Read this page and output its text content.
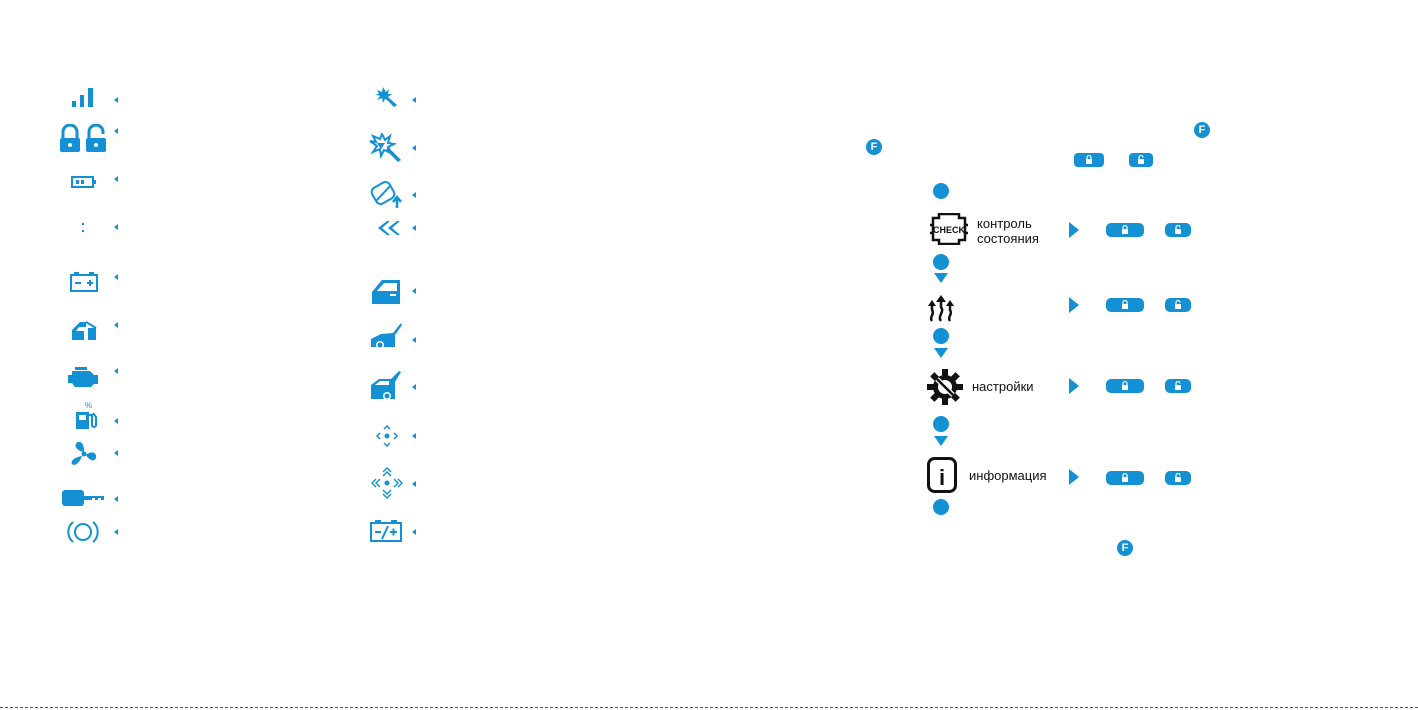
%
F
F
CHECK контроль
состояния
настройки
i информация
F
